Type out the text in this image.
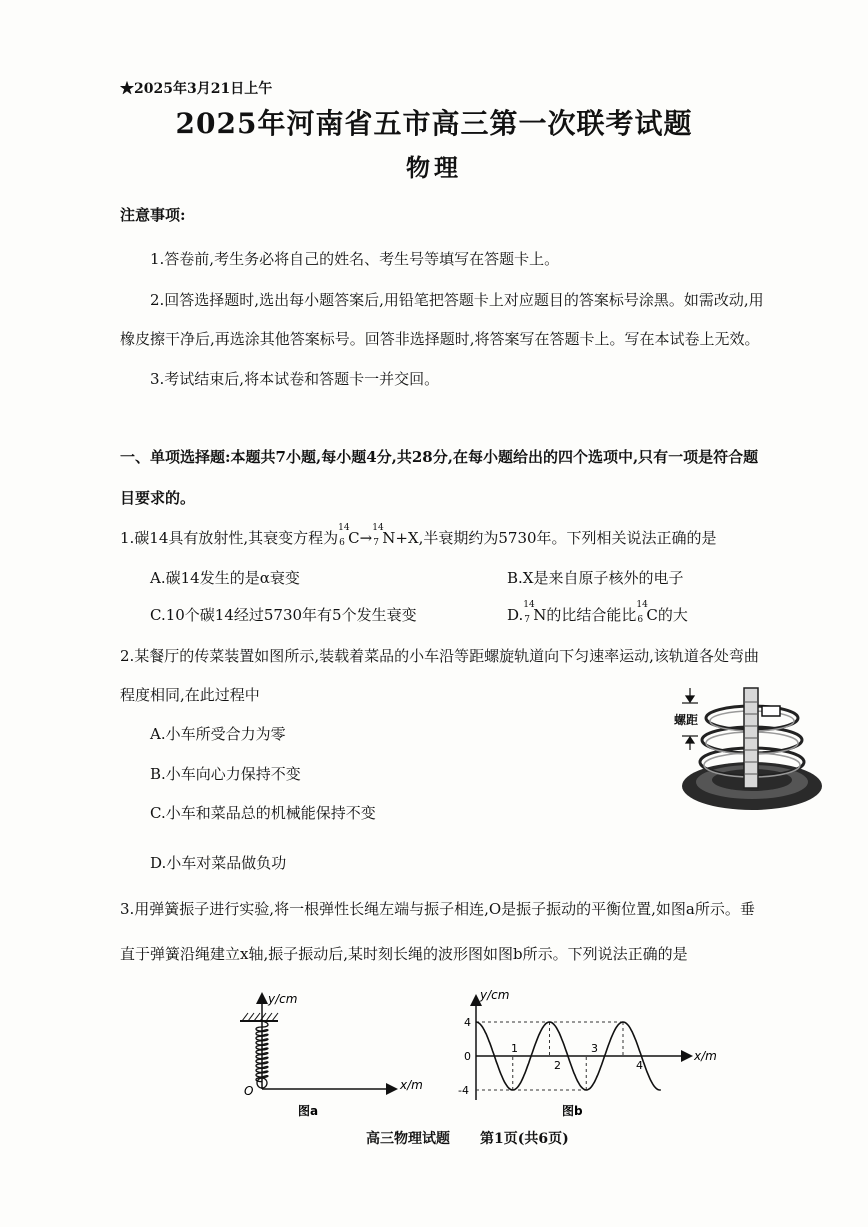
★2025年3月21日上午
2025年河南省五市高三第一次联考试题
物理
注意事项:
1.答卷前,考生务必将自己的姓名、考生号等填写在答题卡上。
2.回答选择题时,选出每小题答案后,用铅笔把答题卡上对应题目的答案标号涂黑。如需改动,用
橡皮擦干净后,再选涂其他答案标号。回答非选择题时,将答案写在答题卡上。写在本试卷上无效。
3.考试结束后,将本试卷和答题卡一并交回。
一、单项选择题:本题共7小题,每小题4分,共28分,在每小题给出的四个选项中,只有一项是符合题
目要求的。
1.碳14具有放射性,其衰变方程为
14
6 C→
14
7 N+X,半衰期约为5730年。下列相关说法正确的是
A.碳14发生的是α衰变	B.X是来自原子核外的电子
C.10个碳14经过5730年有5个发生衰变	D.
14
7 N的比结合能比
14
6 C的大
2.某餐厅的传菜装置如图所示,装载着菜品的小车沿等距螺旋轨道向下匀速率运动,该轨道各处弯曲
程度相同,在此过程中
A.小车所受合力为零
B.小车向心力保持不变
C.小车和菜品总的机械能保持不变
D.小车对菜品做负功
螺距
3.用弹簧振子进行实验,将一根弹性长绳左端与振子相连,O是振子振动的平衡位置,如图a所示。垂
直于弹簧沿绳建立x轴,振子振动后,某时刻长绳的波形图如图b所示。下列说法正确的是
y/cm
x/m
O
图a
y/cm
x/m
4
0
-4
1
2
3
4
图b
高三物理试题 第1页(共6页)
